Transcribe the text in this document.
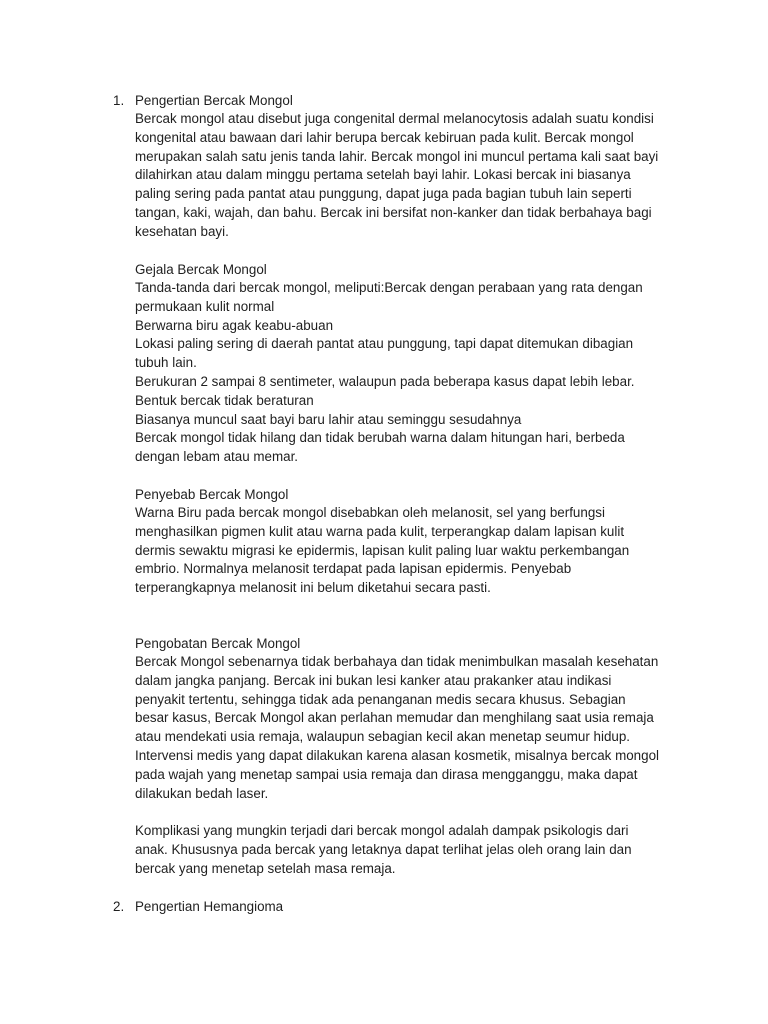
1. Pengertian Bercak Mongol
Bercak mongol atau disebut juga congenital dermal melanocytosis adalah suatu kondisi
kongenital atau bawaan dari lahir berupa bercak kebiruan pada kulit. Bercak mongol
merupakan salah satu jenis tanda lahir. Bercak mongol ini muncul pertama kali saat bayi
dilahirkan atau dalam minggu pertama setelah bayi lahir. Lokasi bercak ini biasanya
paling sering pada pantat atau punggung, dapat juga pada bagian tubuh lain seperti
tangan, kaki, wajah, dan bahu. Bercak ini bersifat non-kanker dan tidak berbahaya bagi
kesehatan bayi.
Gejala Bercak Mongol
Tanda-tanda dari bercak mongol, meliputi:Bercak dengan perabaan yang rata dengan
permukaan kulit normal
Berwarna biru agak keabu-abuan
Lokasi paling sering di daerah pantat atau punggung, tapi dapat ditemukan dibagian
tubuh lain.
Berukuran 2 sampai 8 sentimeter, walaupun pada beberapa kasus dapat lebih lebar.
Bentuk bercak tidak beraturan
Biasanya muncul saat bayi baru lahir atau seminggu sesudahnya
Bercak mongol tidak hilang dan tidak berubah warna dalam hitungan hari, berbeda
dengan lebam atau memar.
Penyebab Bercak Mongol
Warna Biru pada bercak mongol disebabkan oleh melanosit, sel yang berfungsi
menghasilkan pigmen kulit atau warna pada kulit, terperangkap dalam lapisan kulit
dermis sewaktu migrasi ke epidermis, lapisan kulit paling luar waktu perkembangan
embrio. Normalnya melanosit terdapat pada lapisan epidermis. Penyebab
terperangkapnya melanosit ini belum diketahui secara pasti.
Pengobatan Bercak Mongol
Bercak Mongol sebenarnya tidak berbahaya dan tidak menimbulkan masalah kesehatan
dalam jangka panjang. Bercak ini bukan lesi kanker atau prakanker atau indikasi
penyakit tertentu, sehingga tidak ada penanganan medis secara khusus. Sebagian
besar kasus, Bercak Mongol akan perlahan memudar dan menghilang saat usia remaja
atau mendekati usia remaja, walaupun sebagian kecil akan menetap seumur hidup.
Intervensi medis yang dapat dilakukan karena alasan kosmetik, misalnya bercak mongol
pada wajah yang menetap sampai usia remaja dan dirasa mengganggu, maka dapat
dilakukan bedah laser.
Komplikasi yang mungkin terjadi dari bercak mongol adalah dampak psikologis dari
anak. Khususnya pada bercak yang letaknya dapat terlihat jelas oleh orang lain dan
bercak yang menetap setelah masa remaja.
2. Pengertian Hemangioma
